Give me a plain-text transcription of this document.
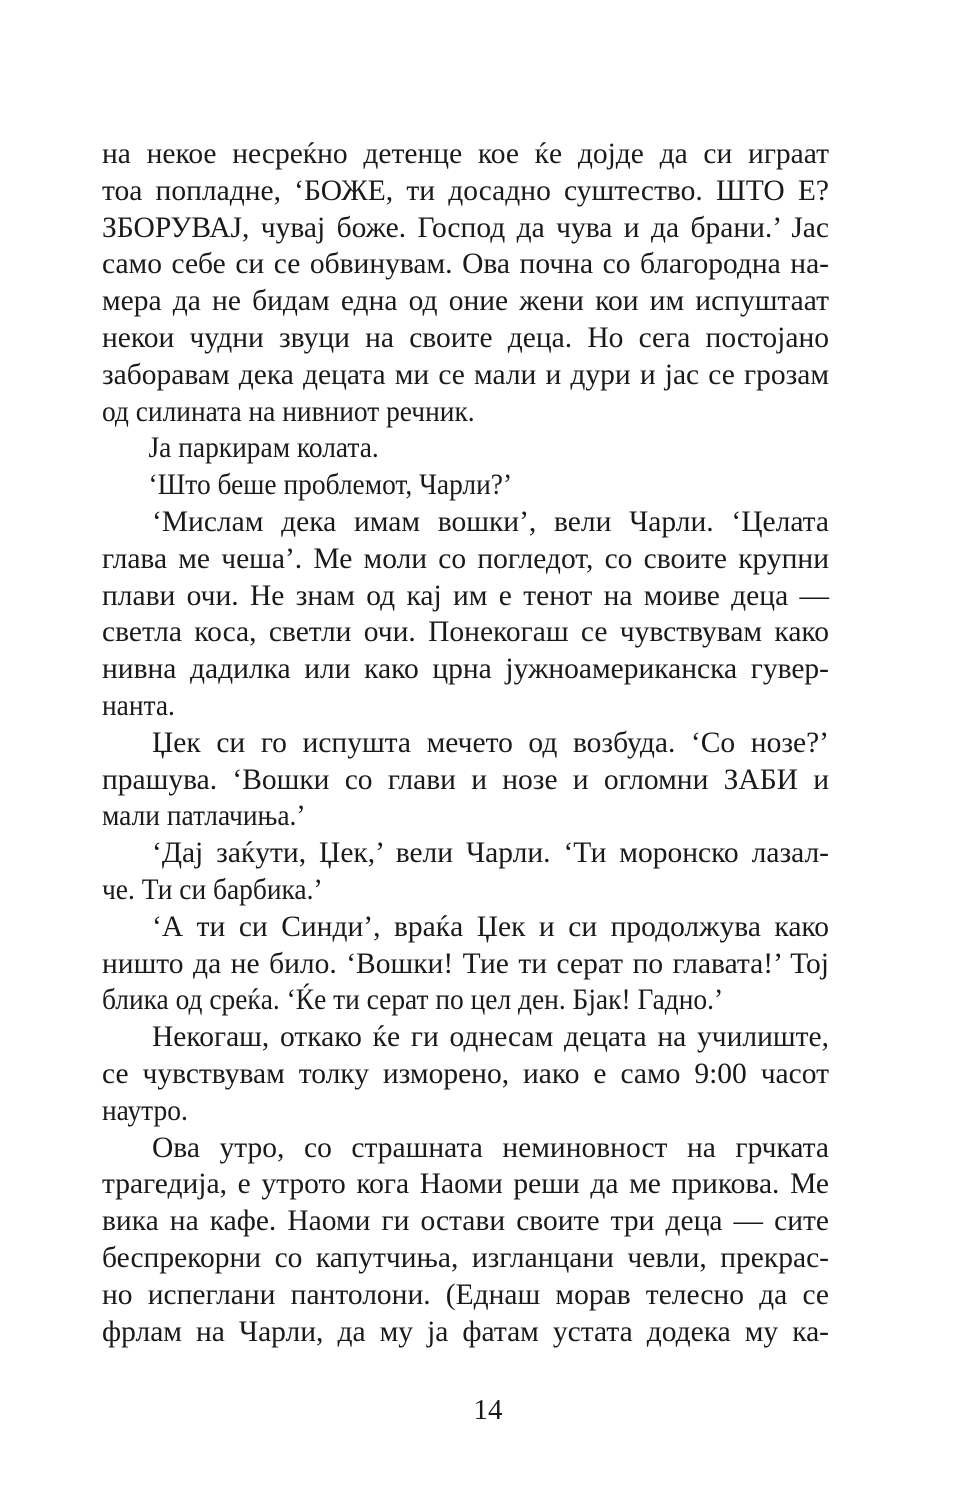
на некое несреќно детенце кое ќе дојде да си играат
тоа попладне, ‘БОЖЕ, ти досадно суштество. ШТО Е?
ЗБОРУВАЈ, чувај боже. Господ да чува и да брани.’ Јас
само себе си се обвинувам. Ова почна со благородна на-
мера да не бидам една од оние жени кои им испуштаат
некои чудни звуци на своите деца. Но сега постојано
заборавам дека децата ми се мали и дури и јас се грозам
од силината на нивниот речник.
Ја паркирам колата.
‘Што беше проблемот, Чарли?’
‘Мислам дека имам вошки’, вели Чарли. ‘Целата
глава ме чеша’. Ме моли со погледот, со своите крупни
плави очи. Не знам од кај им е тенот на моиве деца —
светла коса, светли очи. Понекогаш се чувствувам како
нивна дадилка или како црна јужноамериканска гувер-
нанта.
Џек си го испушта мечето од возбуда. ‘Со нозе?’
прашува. ‘Вошки со глави и нозе и огломни ЗАБИ и
мали патлачиња.’
‘Дај заќути, Џек,’ вели Чарли. ‘Ти моронско лазал-
че. Ти си барбика.’
‘А ти си Синди’, враќа Џек и си продолжува како
ништо да не било. ‘Вошки! Тие ти серат по главата!’ Тој
блика од среќа. ‘Ќе ти серат по цел ден. Бјак! Гадно.’
Некогаш, откако ќе ги однесам децата на училиште,
се чувствувам толку изморено, иако е само 9:00 часот
наутро.
Ова утро, со страшната неминовност на грчката
трагедија, е утрото кога Наоми реши да ме прикова. Ме
вика на кафе. Наоми ги остави своите три деца — сите
беспрекорни со капутчиња, изгланцани чевли, прекрас-
но испеглани пантолони. (Еднаш морав телесно да се
фрлам на Чарли, да му ја фатам устата додека му ка-
14
